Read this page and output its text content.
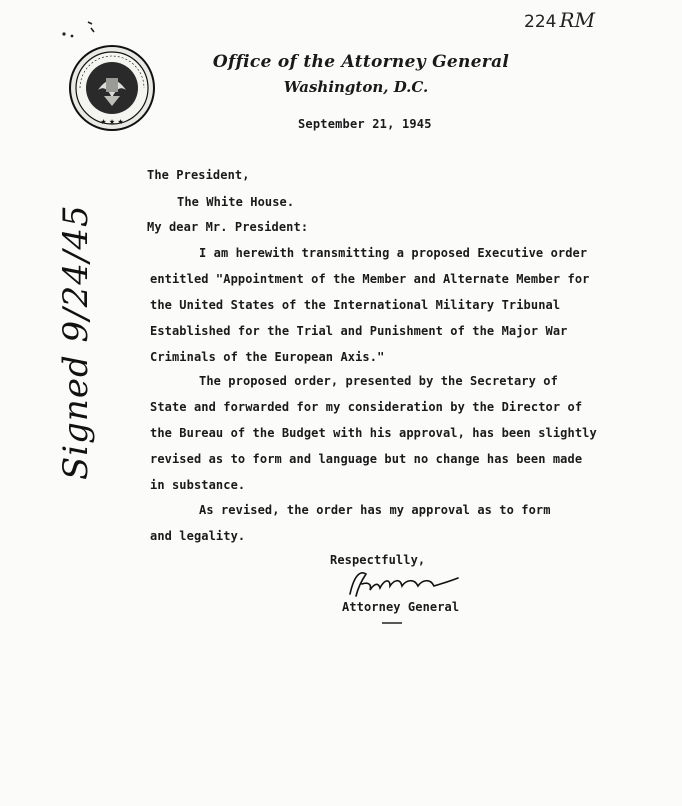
224 RM
★ ★ ★
Office of the Attorney General
Washington, D.C.
September 21, 1945
The President,
The White House.
My dear Mr. President:
I am herewith transmitting a proposed Executive order
entitled "Appointment of the Member and Alternate Member for
the United States of the International Military Tribunal
Established for the Trial and Punishment of the Major War
Criminals of the European Axis."
The proposed order, presented by the Secretary of
State and forwarded for my consideration by the Director of
the Bureau of the Budget with his approval, has been slightly
revised as to form and language but no change has been made
in substance.
As revised, the order has my approval as to form
and legality.
Respectfully,
Attorney General
Signed 9/24/45
